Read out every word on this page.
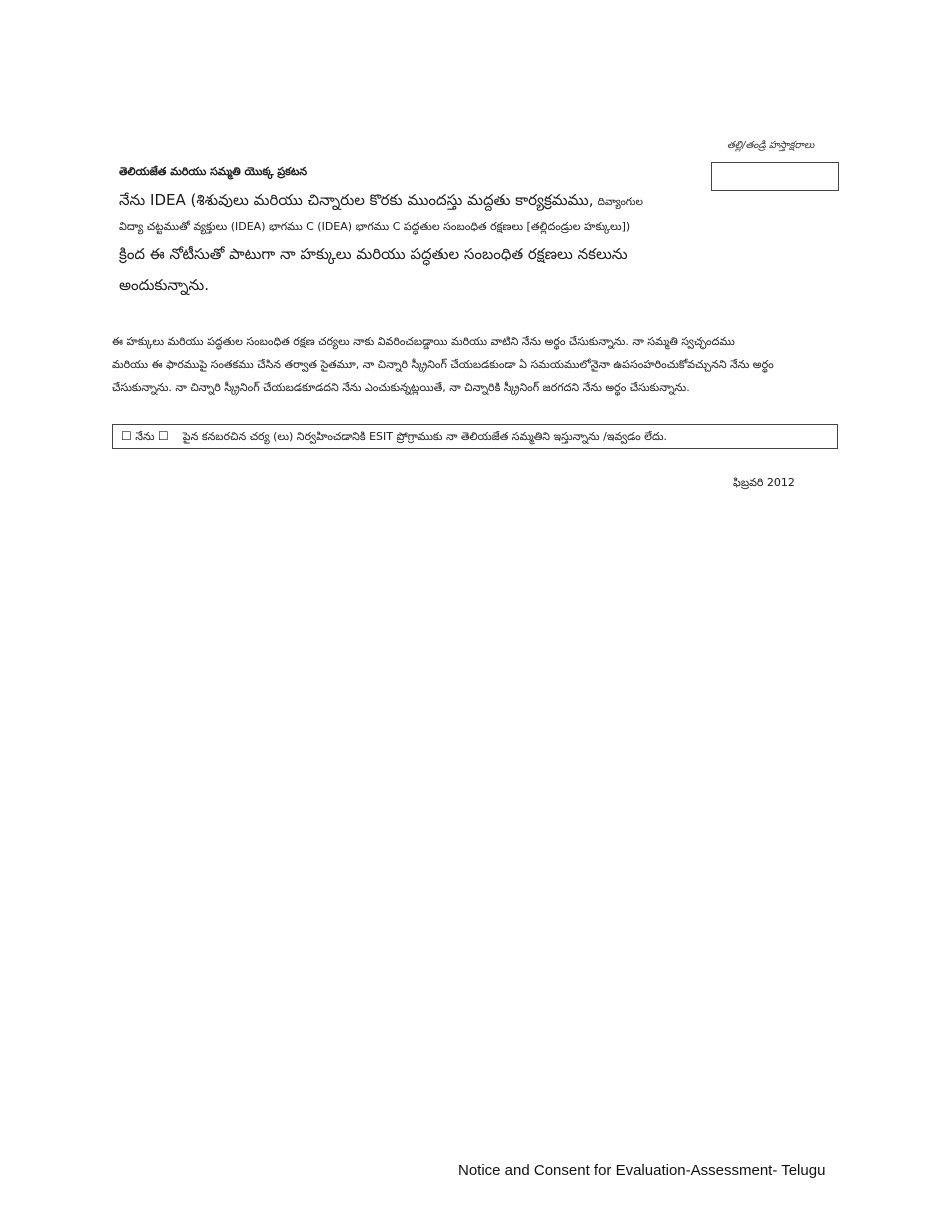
తల్లి/తండ్రి హస్తాక్షరాలు
తెలియజేత మరియు సమ్మతి యొక్క ప్రకటన
నేను IDEA (శిశువులు మరియు చిన్నారుల కొరకు ముందస్తు మద్దతు కార్యక్రమము, దివ్యాంగుల
విద్యా చట్టముతో వ్యక్తులు (IDEA) భాగము C (IDEA) భాగము C పద్ధతుల సంబంధిత రక్షణలు [తల్లిదండ్రుల హక్కులు])
క్రింద ఈ నోటీసుతో పాటుగా నా హక్కులు మరియు పద్ధతుల సంబంధిత రక్షణలు నకలును
అందుకున్నాను.
ఈ హక్కులు మరియు పద్ధతుల సంబంధిత రక్షణ చర్యలు నాకు వివరించబడ్డాయి మరియు వాటిని నేను అర్థం చేసుకున్నాను. నా సమ్మతి స్వచ్ఛందము
మరియు ఈ ఫారముపై సంతకము చేసిన తర్వాత సైతమూ, నా చిన్నారి స్క్రీనింగ్ చేయబడకుండా ఏ సమయములోనైనా ఉపసంహరించుకోవచ్చునని నేను అర్థం
చేసుకున్నాను. నా చిన్నారి స్క్రీనింగ్ చేయబడకూడదని నేను ఎంచుకున్నట్లయితే, నా చిన్నారికి స్క్రీనింగ్ జరగదని నేను అర్థం చేసుకున్నాను.
☐ నేను ☐ పైన కనబరచిన చర్య (లు) నిర్వహించడానికి ESIT ప్రోగ్రాముకు నా తెలియజేత సమ్మతిని ఇస్తున్నాను /ఇవ్వడం లేదు.
ఫిబ్రవరి 2012
Notice and Consent for Evaluation-Assessment- Telugu
